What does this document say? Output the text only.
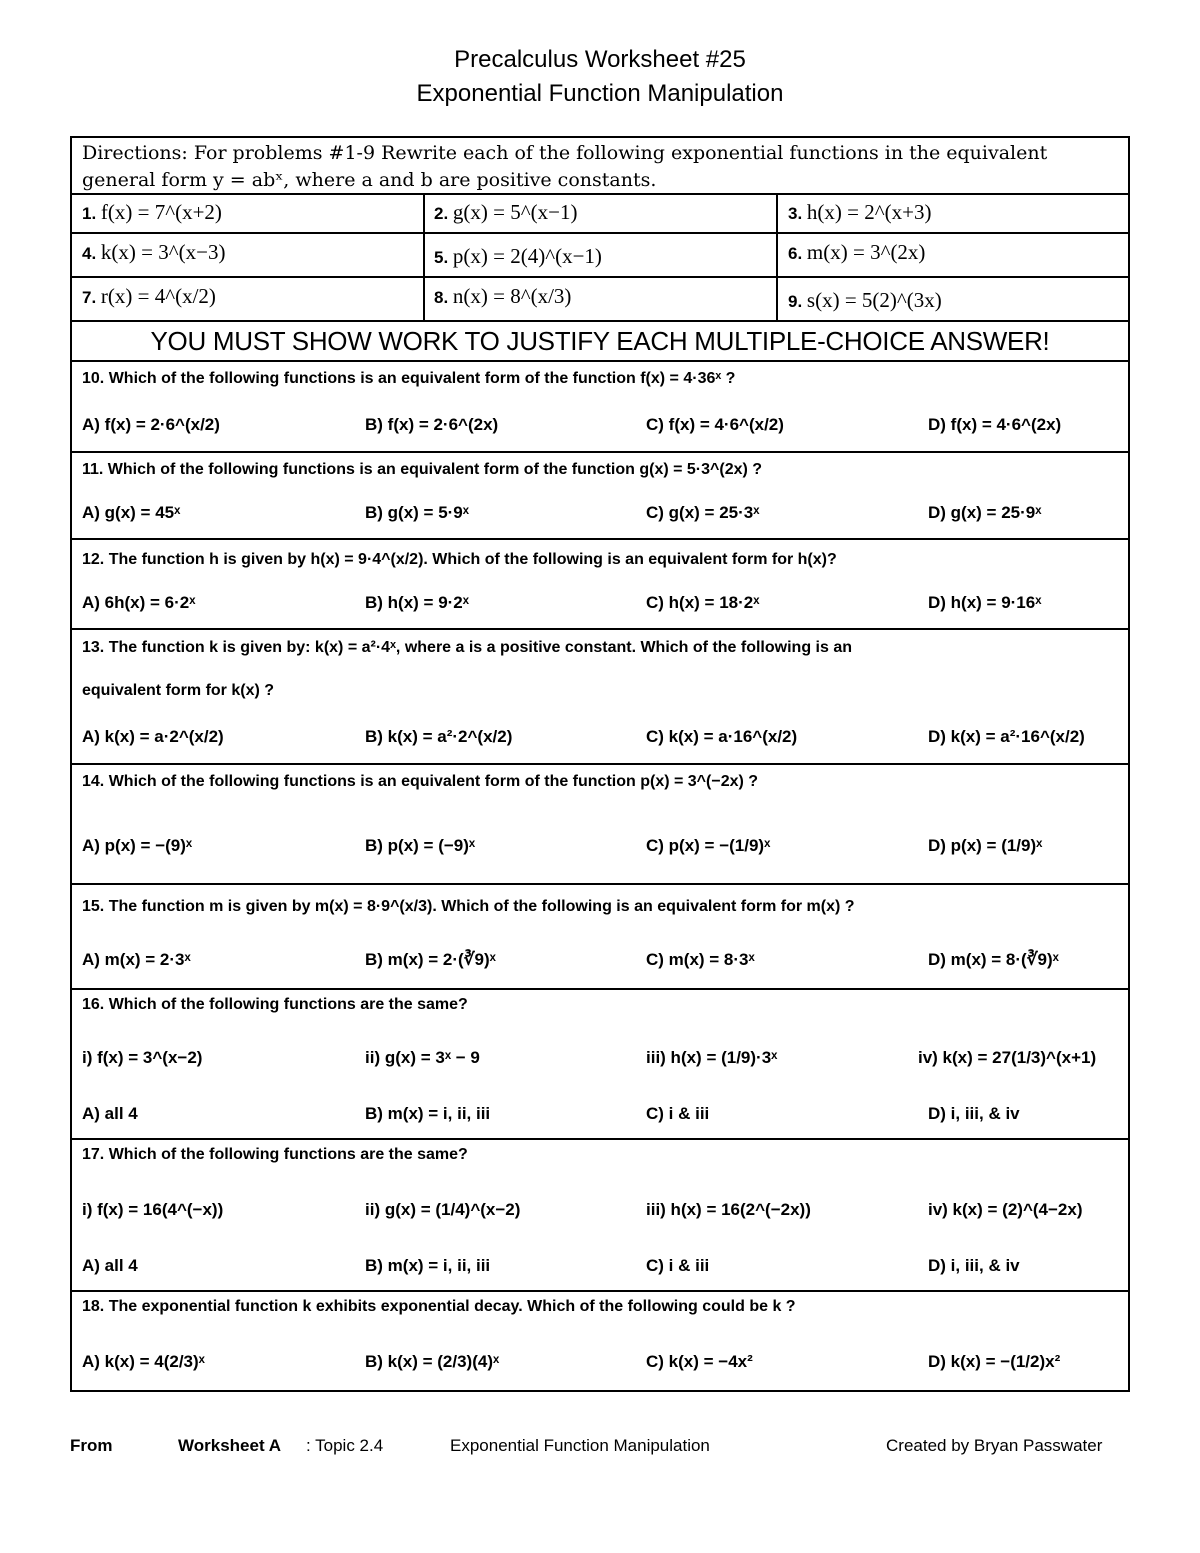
Precalculus Worksheet #25
Exponential Function Manipulation
Directions: For problems #1-9 Rewrite each of the following exponential functions in the equivalent general form y = abˣ, where a and b are positive constants.
1. f(x) = 7^(x+2)	2. g(x) = 5^(x−1)	3. h(x) = 2^(x+3)
4. k(x) = 3^(x−3)	5. p(x) = 2(4)^(x−1)	6. m(x) = 3^(2x)
7. r(x) = 4^(x/2)	8. n(x) = 8^(x/3)	9. s(x) = 5(2)^(3x)
YOU MUST SHOW WORK TO JUSTIFY EACH MULTIPLE-CHOICE ANSWER!
10. Which of the following functions is an equivalent form of the function f(x) = 4·36ˣ ?
A) f(x) = 2·6^(x/2)	B) f(x) = 2·6^(2x)	C) f(x) = 4·6^(x/2)	D) f(x) = 4·6^(2x)
11. Which of the following functions is an equivalent form of the function g(x) = 5·3^(2x) ?
A) g(x) = 45ˣ	B) g(x) = 5·9ˣ	C) g(x) = 25·3ˣ	D) g(x) = 25·9ˣ
12. The function h is given by h(x) = 9·4^(x/2). Which of the following is an equivalent form for h(x)?
A) 6h(x) = 6·2ˣ	B) h(x) = 9·2ˣ	C) h(x) = 18·2ˣ	D) h(x) = 9·16ˣ
13. The function k is given by: k(x) = a²·4ˣ, where a is a positive constant. Which of the following is an
equivalent form for k(x) ?
A) k(x) = a·2^(x/2)	B) k(x) = a²·2^(x/2)	C) k(x) = a·16^(x/2)	D) k(x) = a²·16^(x/2)
14. Which of the following functions is an equivalent form of the function p(x) = 3^(−2x) ?
A) p(x) = −(9)ˣ	B) p(x) = (−9)ˣ	C) p(x) = −(1/9)ˣ	D) p(x) = (1/9)ˣ
15. The function m is given by m(x) = 8·9^(x/3). Which of the following is an equivalent form for m(x) ?
A) m(x) = 2·3ˣ	B) m(x) = 2·(∛9)ˣ	C) m(x) = 8·3ˣ	D) m(x) = 8·(∛9)ˣ
16. Which of the following functions are the same?
i) f(x) = 3^(x−2)	ii) g(x) = 3ˣ − 9	iii) h(x) = (1/9)·3ˣ	iv) k(x) = 27(1/3)^(x+1)
A) all 4	B) m(x) = i, ii, iii	C) i & iii	D) i, iii, & iv
17. Which of the following functions are the same?
i) f(x) = 16(4^(−x))	ii) g(x) = (1/4)^(x−2)	iii) h(x) = 16(2^(−2x))	iv) k(x) = (2)^(4−2x)
A) all 4	B) m(x) = i, ii, iii	C) i & iii	D) i, iii, & iv
18. The exponential function k exhibits exponential decay. Which of the following could be k ?
A) k(x) = 4(2/3)ˣ	B) k(x) = (2/3)(4)ˣ	C) k(x) = −4x²	D) k(x) = −(1/2)x²
From	Worksheet A : Topic 2.4	Exponential Function Manipulation	Created by Bryan Passwater
